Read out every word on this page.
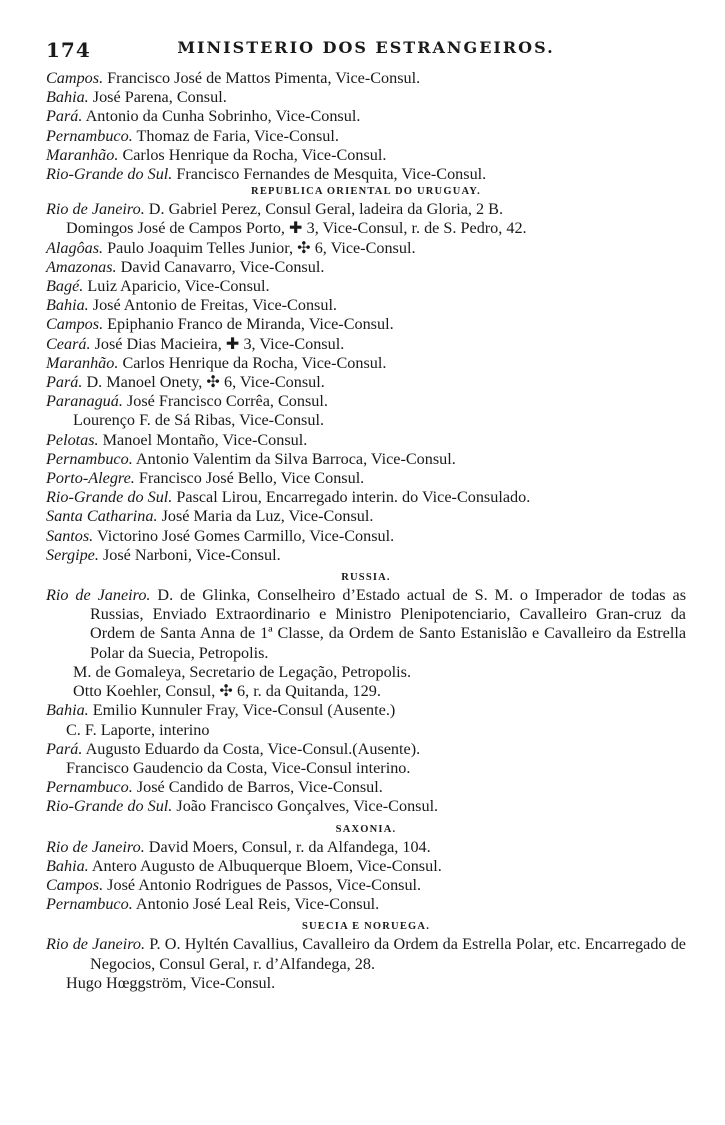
174	MINISTERIO DOS ESTRANGEIROS.
Campos. Francisco José de Mattos Pimenta, Vice-Consul.
Bahia. José Parena, Consul.
Pará. Antonio da Cunha Sobrinho, Vice-Consul.
Pernambuco. Thomaz de Faria, Vice-Consul.
Maranhão. Carlos Henrique da Rocha, Vice-Consul.
Rio-Grande do Sul. Francisco Fernandes de Mesquita, Vice-Consul.
REPUBLICA ORIENTAL DO URUGUAY.
Rio de Janeiro. D. Gabriel Perez, Consul Geral, ladeira da Gloria, 2 B.
Domingos José de Campos Porto, ✚ 3, Vice-Consul, r. de S. Pedro, 42.
Alagôas. Paulo Joaquim Telles Junior, ✣ 6, Vice-Consul.
Amazonas. David Canavarro, Vice-Consul.
Bagé. Luiz Aparicio, Vice-Consul.
Bahia. José Antonio de Freitas, Vice-Consul.
Campos. Epiphanio Franco de Miranda, Vice-Consul.
Ceará. José Dias Macieira, ✚ 3, Vice-Consul.
Maranhão. Carlos Henrique da Rocha, Vice-Consul.
Pará. D. Manoel Onety, ✣ 6, Vice-Consul.
Paranaguá. José Francisco Corrêa, Consul.
Lourenço F. de Sá Ribas, Vice-Consul.
Pelotas. Manoel Montaño, Vice-Consul.
Pernambuco. Antonio Valentim da Silva Barroca, Vice-Consul.
Porto-Alegre. Francisco José Bello, Vice Consul.
Rio-Grande do Sul. Pascal Lirou, Encarregado interin. do Vice-Consulado.
Santa Catharina. José Maria da Luz, Vice-Consul.
Santos. Victorino José Gomes Carmillo, Vice-Consul.
Sergipe. José Narboni, Vice-Consul.
RUSSIA.
Rio de Janeiro. D. de Glinka, Conselheiro d’Estado actual de S. M. o Imperador de todas as Russias, Enviado Extraordinario e Ministro Plenipotenciario, Cavalleiro Gran-cruz da Ordem de Santa Anna de 1ª Classe, da Ordem de Santo Estanislão e Cavalleiro da Estrella Polar da Suecia, Petropolis.
M. de Gomaleya, Secretario de Legação, Petropolis.
Otto Koehler, Consul, ✣ 6, r. da Quitanda, 129.
Bahia. Emilio Kunnuler Fray, Vice-Consul (Ausente.)
C. F. Laporte, interino
Pará. Augusto Eduardo da Costa, Vice-Consul.(Ausente).
Francisco Gaudencio da Costa, Vice-Consul interino.
Pernambuco. José Candido de Barros, Vice-Consul.
Rio-Grande do Sul. João Francisco Gonçalves, Vice-Consul.
SAXONIA.
Rio de Janeiro. David Moers, Consul, r. da Alfandega, 104.
Bahia. Antero Augusto de Albuquerque Bloem, Vice-Consul.
Campos. José Antonio Rodrigues de Passos, Vice-Consul.
Pernambuco. Antonio José Leal Reis, Vice-Consul.
SUECIA E NORUEGA.
Rio de Janeiro. P. O. Hyltén Cavallius, Cavalleiro da Ordem da Estrella Polar, etc. Encarregado de Negocios, Consul Geral, r. d’Alfandega, 28.
Hugo Hœggström, Vice-Consul.
